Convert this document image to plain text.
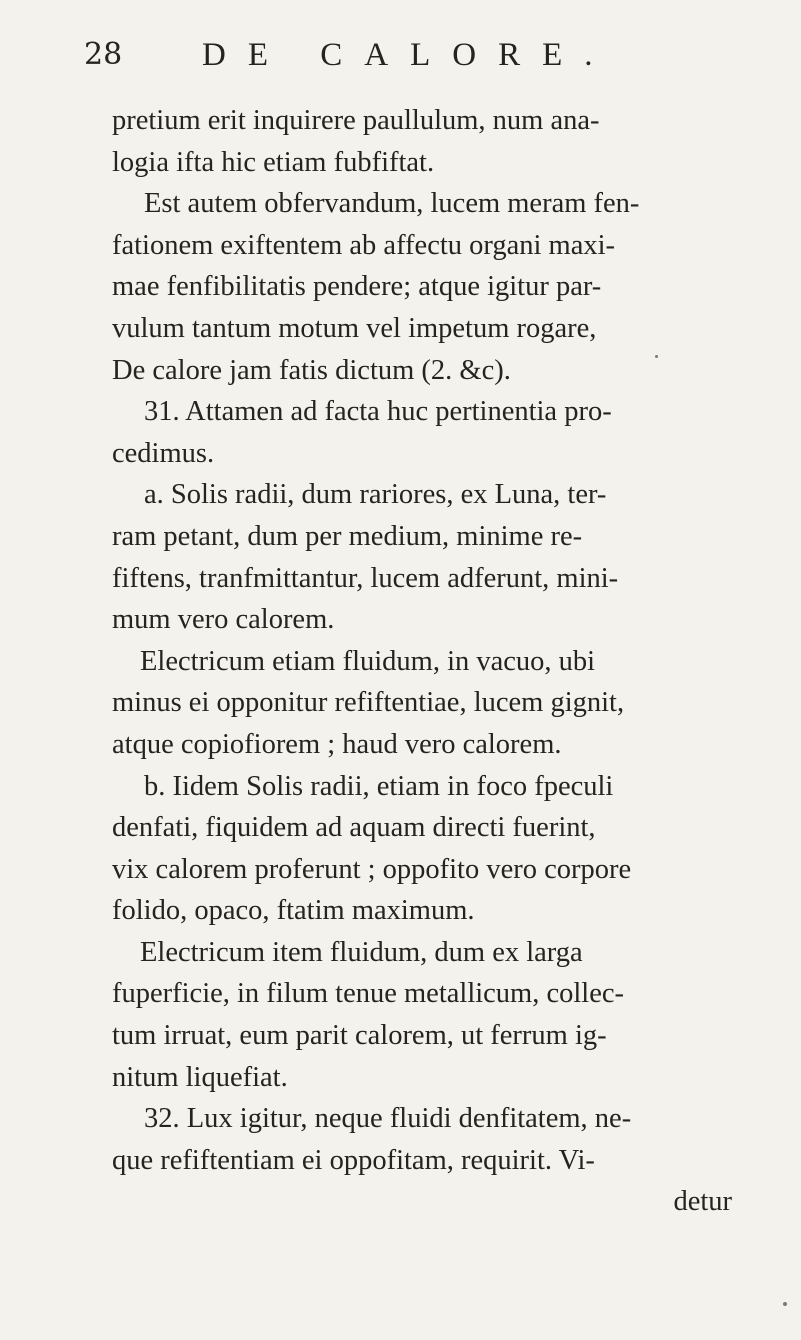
28 DE CALORE.
pretium erit inquirere paullulum, num ana-
logia ifta hic etiam fubfiftat.
Est autem obfervandum, lucem meram fen-
fationem exiftentem ab affectu organi maxi-
mae fenfibilitatis pendere; atque igitur par-
vulum tantum motum vel impetum rogare,
De calore jam fatis dictum (2. &c).
31. Attamen ad facta huc pertinentia pro-
cedimus.
a. Solis radii, dum rariores, ex Luna, ter-
ram petant, dum per medium, minime re-
fiftens, tranfmittantur, lucem adferunt, mini-
mum vero calorem.
Electricum etiam fluidum, in vacuo, ubi
minus ei opponitur refiftentiae, lucem gignit,
atque copiofiorem ; haud vero calorem.
b. Iidem Solis radii, etiam in foco fpeculi
denfati, fiquidem ad aquam directi fuerint,
vix calorem proferunt ; oppofito vero corpore
folido, opaco, ftatim maximum.
Electricum item fluidum, dum ex larga
fuperficie, in filum tenue metallicum, collec-
tum irruat, eum parit calorem, ut ferrum ig-
nitum liquefiat.
32. Lux igitur, neque fluidi denfitatem, ne-
que refiftentiam ei oppofitam, requirit. Vi-
detur
